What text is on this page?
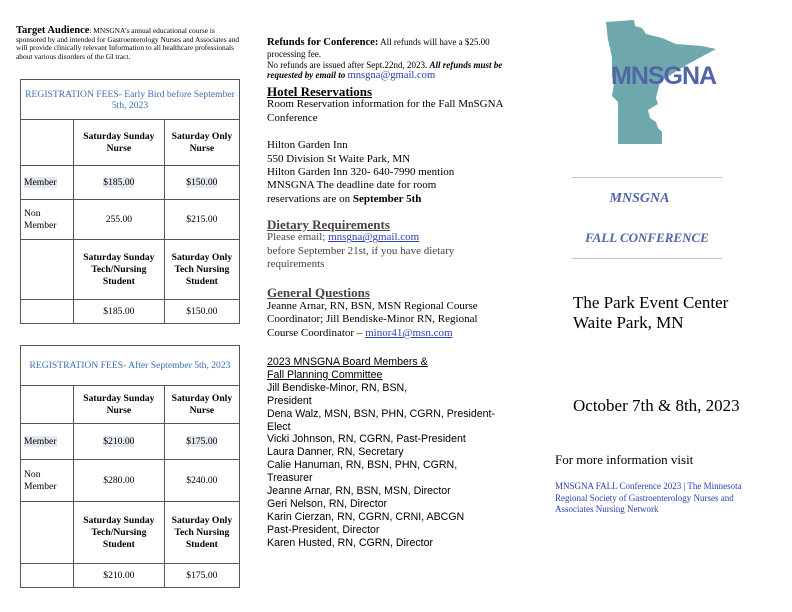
Target Audience: MNSGNA’s annual educational course is sponsored by and intended for Gastroenterology Nurses and Associates and will provide clinically relevant Information to all healthcare professionals about various disorders of the GI tract.
REGISTRATION FEES- Early Bird before September 5th, 2023		
	Saturday Sunday Nurse	Saturday Only Nurse
Member	$185.00	$150.00
Non Member	255.00	$215.00
	Saturday Sunday Tech/Nursing Student	Saturday Only Tech Nursing Student
	$185.00	$150.00
REGISTRATION FEES- After September 5th, 2023		
	Saturday Sunday Nurse	Saturday Only Nurse
Member	$210.00	$175.00
Non Member	$280.00	$240.00
	Saturday Sunday Tech/Nursing Student	Saturday Only Tech Nursing Student
	$210.00	$175.00
Refunds for Conference: All refunds will have a $25.00 processing fee.
No refunds are issued after Sept.22nd, 2023. All refunds must be requested by email to mnsgna@gmail.com
Hotel Reservations
Room Reservation information for the Fall MnSGNA Conference
Hilton Garden Inn
550 Division St Waite Park, MN
Hilton Garden Inn 320- 640-7990 mention MNSGNA The deadline date for room reservations are on September 5th
Dietary Requirements
Please email; mnsgna@gmail.com
before September 21st, if you have dietary requirements
General Questions
Jeanne Arnar, RN, BSN, MSN Regional Course Coordinator; Jill Bendiske-Minor RN, Regional Course Coordinator – minor41@msn.com
2023 MNSGNA Board Members &
Fall Planning Committee
Jill Bendiske-Minor, RN, BSN, President
Dena Walz, MSN, BSN, PHN, CGRN, President-Elect
Vicki Johnson, RN, CGRN, Past-President
Laura Danner, RN, Secretary
Calie Hanuman, RN, BSN, PHN, CGRN, Treasurer
Jeanne Arnar, RN, BSN, MSN, Director
Geri Nelson, RN, Director
Karin Cierzan, RN, CGRN, CRNI, ABCGN Past-President, Director
Karen Husted, RN, CGRN, Director
MNSGNA
MNSGNA
FALL CONFERENCE
The Park Event Center
Waite Park, MN
October 7th & 8th, 2023
For more information visit
MNSGNA FALL Conference 2023 | The Minnesota Regional Society of Gastroenterology Nurses and Associates Nursing Network
